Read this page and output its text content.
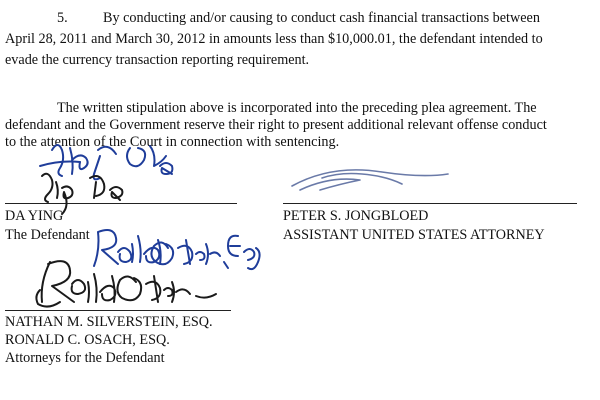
5. By conducting and/or causing to conduct cash financial transactions between
April 28, 2011 and March 30, 2012 in amounts less than $10,000.01, the defendant intended to
evade the currency transaction reporting requirement.
The written stipulation above is incorporated into the preceding plea agreement. The
defendant and the Government reserve their right to present additional relevant offense conduct
to the attention of the Court in connection with sentencing.
DA YING
The Defendant
PETER S. JONGBLOED
ASSISTANT UNITED STATES ATTORNEY
NATHAN M. SILVERSTEIN, ESQ.
RONALD C. OSACH, ESQ.
Attorneys for the Defendant
